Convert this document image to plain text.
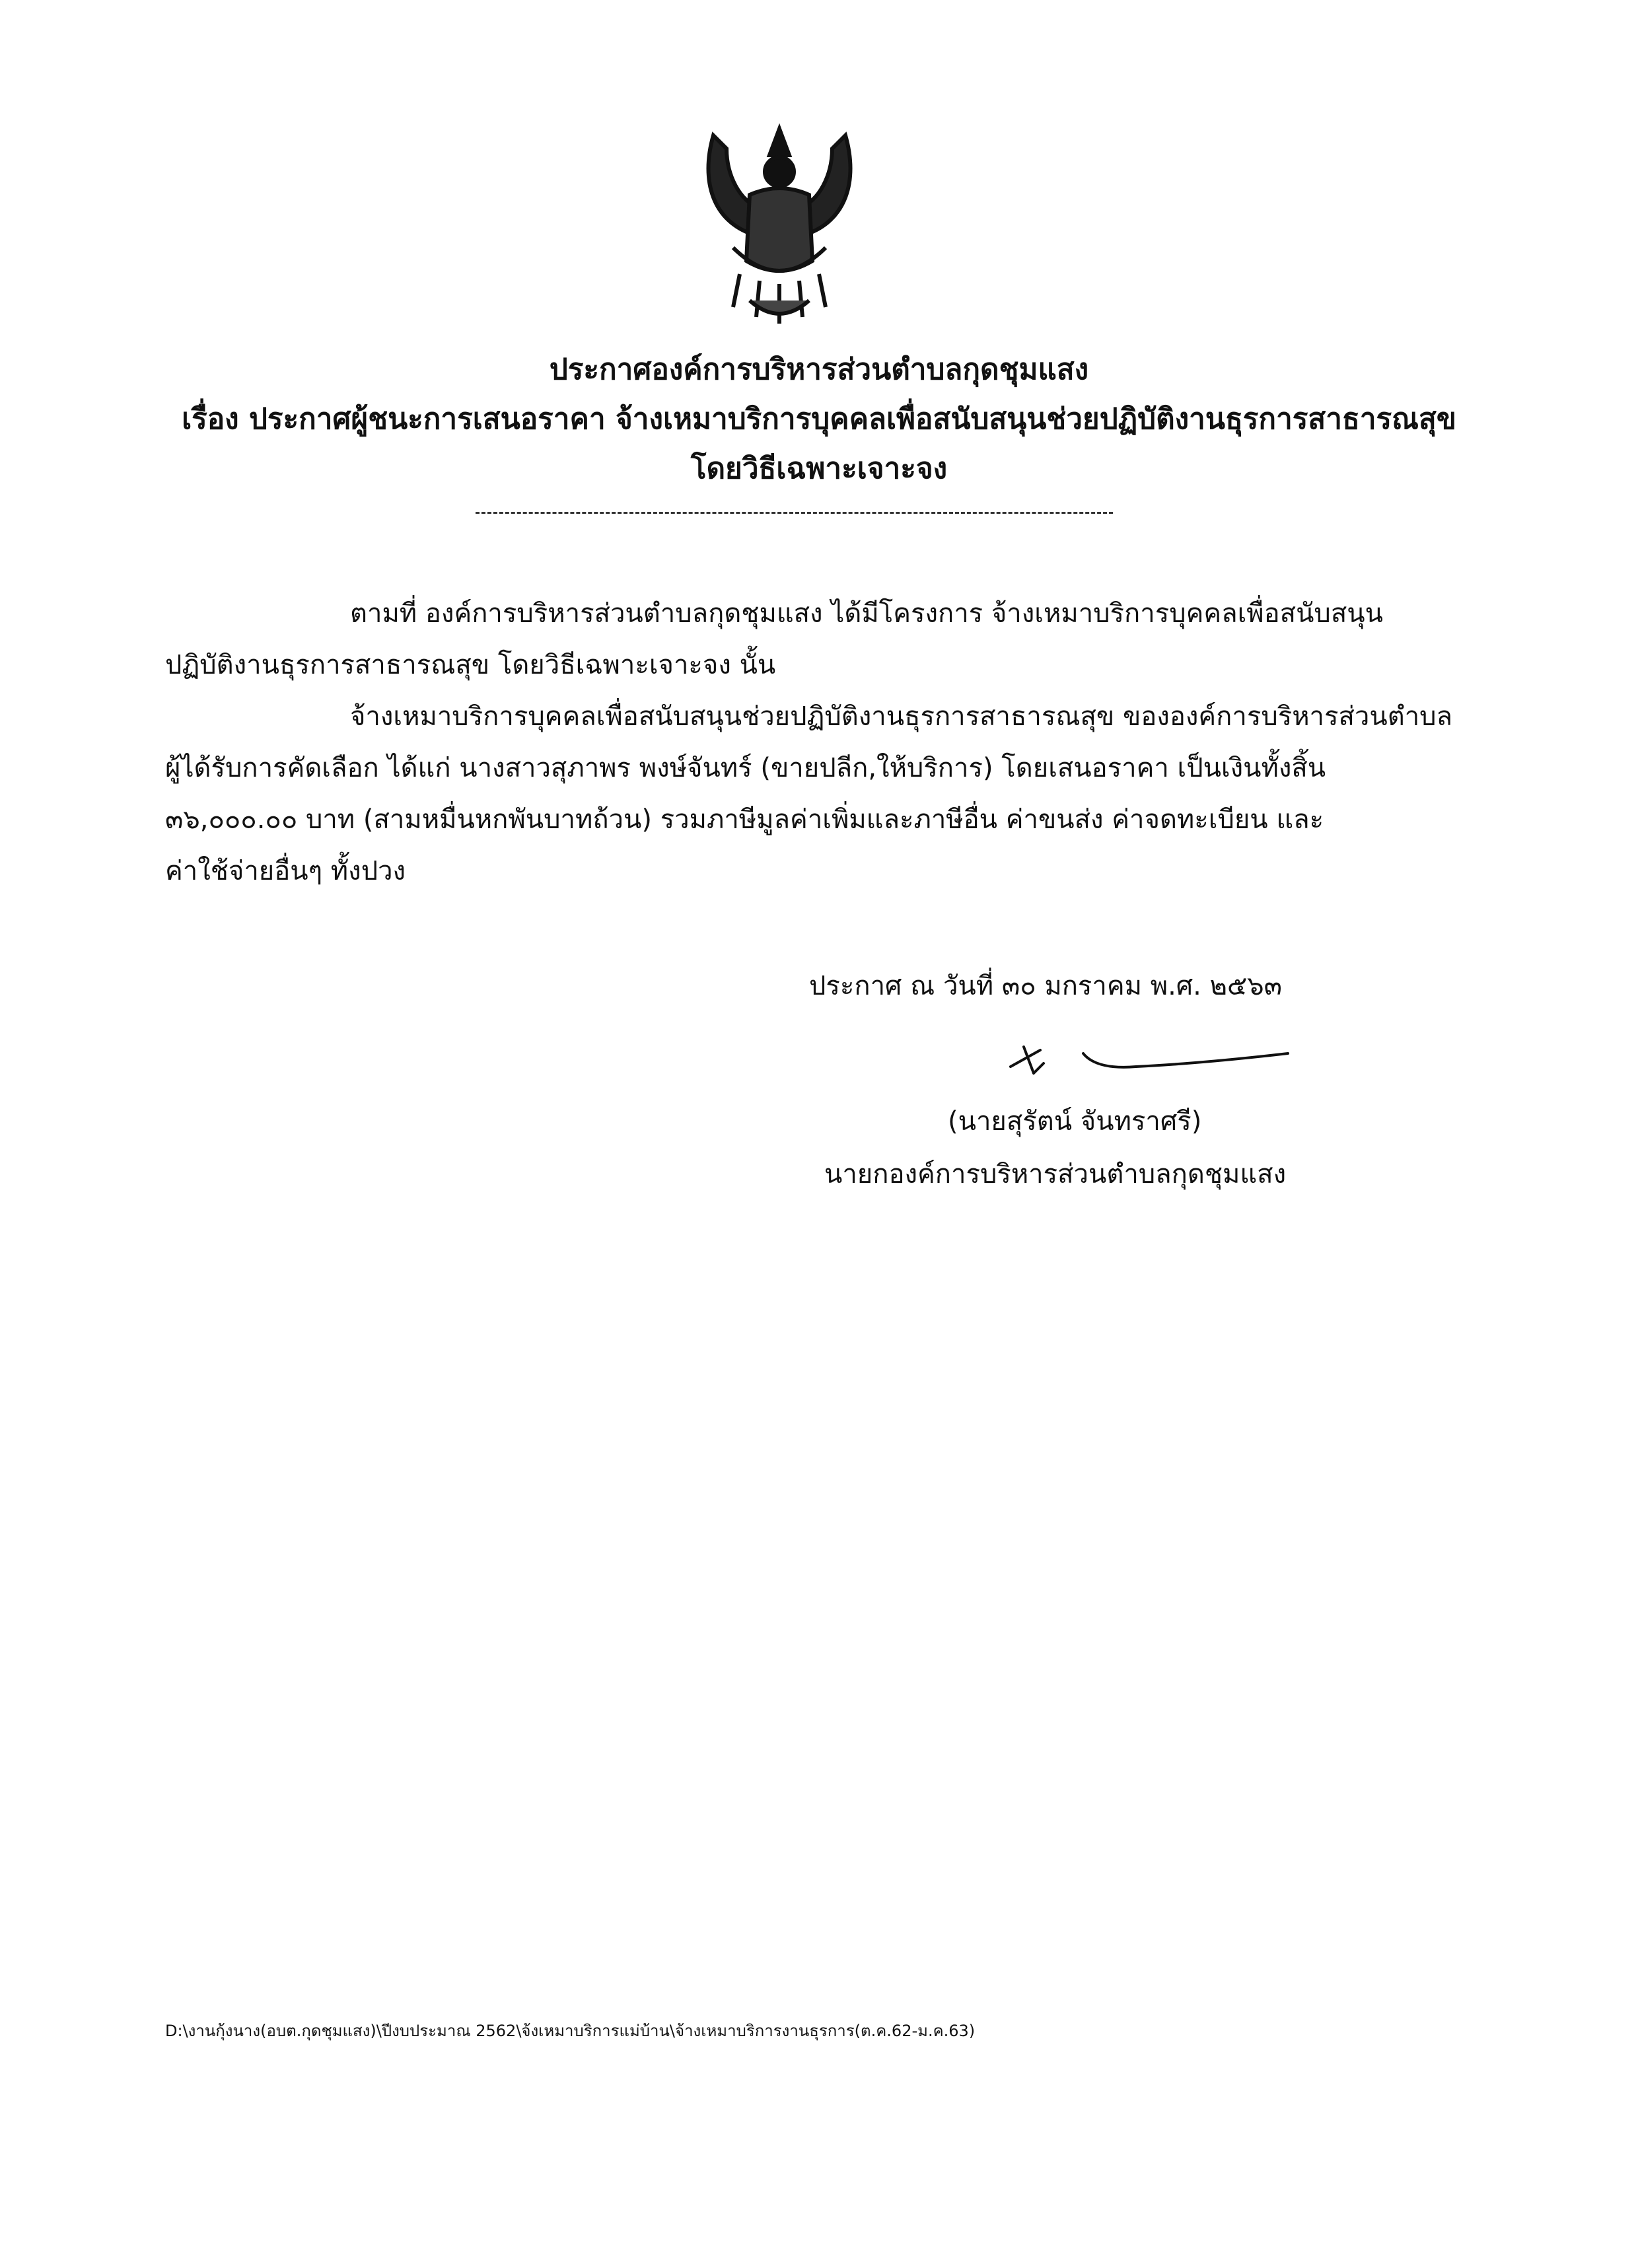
ประกาศองค์การบริหารส่วนตำบลกุดชุมแสง
เรื่อง ประกาศผู้ชนะการเสนอราคา จ้างเหมาบริการบุคคลเพื่อสนับสนุนช่วยปฏิบัติงานธุรการสาธารณสุข
โดยวิธีเฉพาะเจาะจง
ตามที่ องค์การบริหารส่วนตำบลกุดชุมแสง ได้มีโครงการ จ้างเหมาบริการบุคคลเพื่อสนับสนุน
ปฏิบัติงานธุรการสาธารณสุข โดยวิธีเฉพาะเจาะจง นั้น
จ้างเหมาบริการบุคคลเพื่อสนับสนุนช่วยปฏิบัติงานธุรการสาธารณสุข ขององค์การบริหารส่วนตำบล
ผู้ได้รับการคัดเลือก ได้แก่ นางสาวสุภาพร พงษ์จันทร์ (ขายปลีก,ให้บริการ) โดยเสนอราคา เป็นเงินทั้งสิ้น
๓๖,๐๐๐.๐๐ บาท (สามหมื่นหกพันบาทถ้วน) รวมภาษีมูลค่าเพิ่มและภาษีอื่น ค่าขนส่ง ค่าจดทะเบียน และ
ค่าใช้จ่ายอื่นๆ ทั้งปวง
ประกาศ ณ วันที่ ๓๐ มกราคม พ.ศ. ๒๕๖๓
(นายสุรัตน์ จันทราศรี)
นายกองค์การบริหารส่วนตำบลกุดชุมแสง
D:\งานกุ้งนาง(อบต.กุดชุมแสง)\ปีงบประมาณ 2562\จ้งเหมาบริการแม่บ้าน\จ้างเหมาบริการงานธุรการ(ต.ค.62-ม.ค.63)
